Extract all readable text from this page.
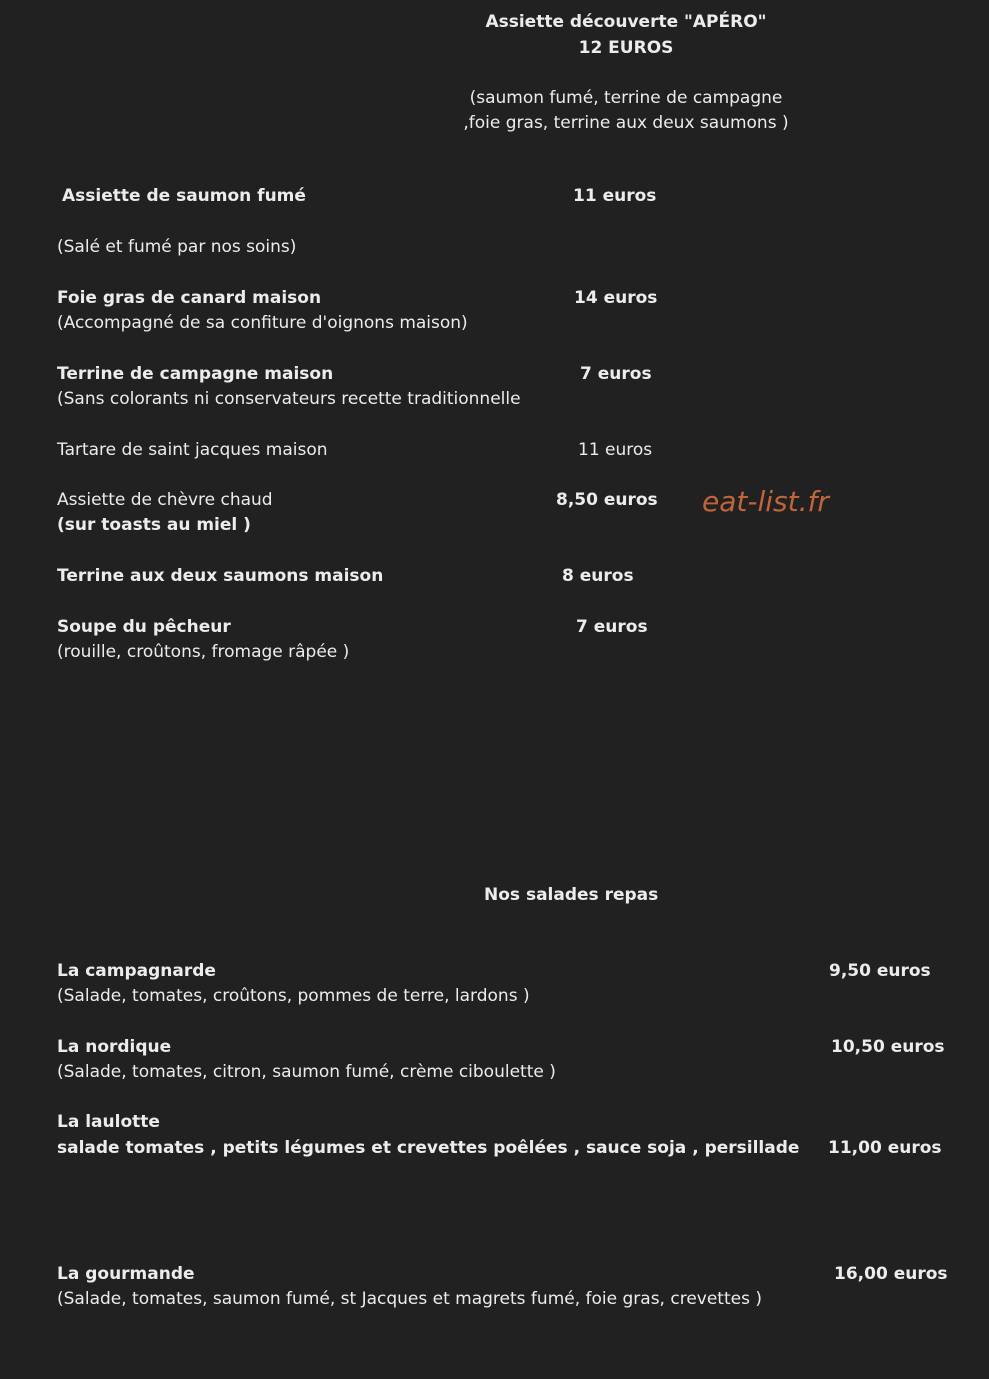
Assiette découverte "APÉRO"
12 EUROS
(saumon fumé, terrine de campagne
,foie gras, terrine aux deux saumons )
Assiette de saumon fumé	11 euros
(Salé et fumé par nos soins)
Foie gras de canard maison	14 euros
(Accompagné de sa confiture d'oignons maison)
Terrine de campagne maison	7 euros
(Sans colorants ni conservateurs recette traditionnelle
Tartare de saint jacques maison	11 euros
Assiette de chèvre chaud	8,50 euros
(sur toasts au miel )
eat-list.fr
Terrine aux deux saumons maison	8 euros
Soupe du pêcheur	7 euros
(rouille, croûtons, fromage râpée )
Nos salades repas
La campagnarde	9,50 euros
(Salade, tomates, croûtons, pommes de terre, lardons )
La nordique	10,50 euros
(Salade, tomates, citron, saumon fumé, crème ciboulette )
La laulotte
salade tomates , petits légumes et crevettes poêlées , sauce soja , persillade 11,00 euros
La gourmande	16,00 euros
(Salade, tomates, saumon fumé, st Jacques et magrets fumé, foie gras, crevettes )
